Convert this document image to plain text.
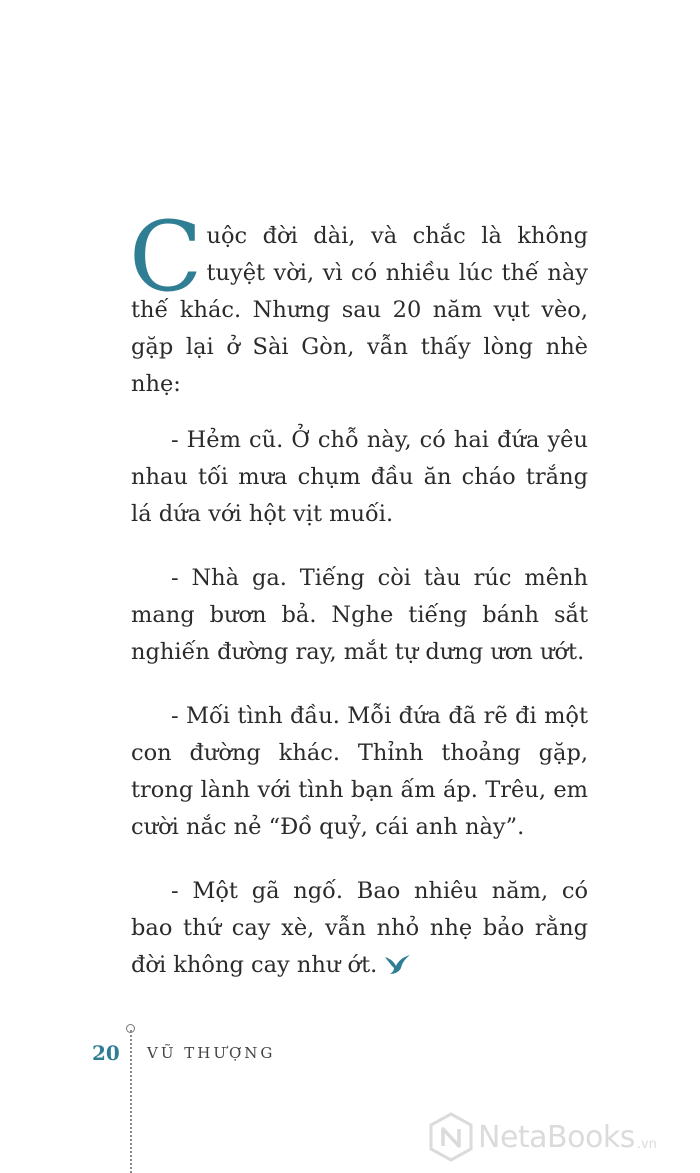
Cuộc đời dài, và chắc là không tuyệt vời, vì có nhiều lúc thế này thế khác. Nhưng sau 20 năm vụt vèo, gặp lại ở Sài Gòn, vẫn thấy lòng nhè nhẹ:

- Hẻm cũ. Ở chỗ này, có hai đứa yêu nhau tối mưa chụm đầu ăn cháo trắng lá dứa với hột vịt muối.

- Nhà ga. Tiếng còi tàu rúc mênh mang bươn bả. Nghe tiếng bánh sắt nghiến đường ray, mắt tự dưng ươn ướt.

- Mối tình đầu. Mỗi đứa đã rẽ đi một con đường khác. Thỉnh thoảng gặp, trong lành với tình bạn ấm áp. Trêu, em cười nắc nẻ “Đồ quỷ, cái anh này”.

- Một gã ngố. Bao nhiêu năm, có bao thứ cay xè, vẫn nhỏ nhẹ bảo rằng đời không cay như ớt.

20 VŨ THƯỢNG
NetaBooks .vn
